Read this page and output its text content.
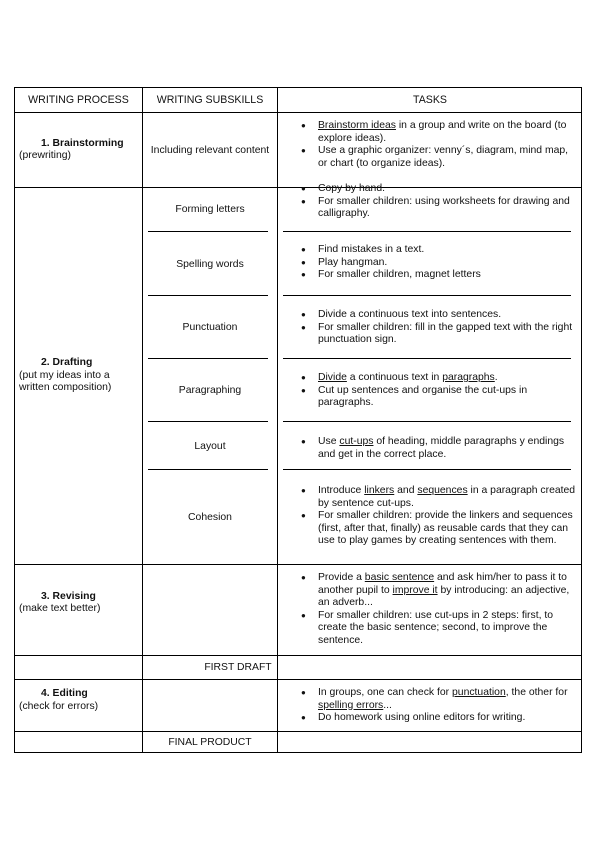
WRITING PROCESS	WRITING SUBSKILLS	TASKS
1. Brainstorming
(prewriting)	Including relevant content
● Brainstorm ideas in a group and write on the board (to explore ideas).
● Use a graphic organizer: venny´s, diagram, mind map, or chart (to organize ideas).
2. Drafting
(put my ideas into a written composition)
Forming letters
● Copy by hand.
● For smaller children: using worksheets for drawing and calligraphy.
Spelling words
● Find mistakes in a text.
● Play hangman.
● For smaller children, magnet letters
Punctuation
● Divide a continuous text into sentences.
● For smaller children: fill in the gapped text with the right punctuation sign.
Paragraphing
● Divide a continuous text in paragraphs.
● Cut up sentences and organise the cut-ups in paragraphs.
Layout
●	Use cut-ups of heading, middle paragraphs y endings and get in the correct place.
Cohesion
● Introduce linkers and sequences in a paragraph created by sentence cut-ups.
● For smaller children: provide the linkers and sequences (first, after that, finally) as reusable cards that they can use to play games by creating sentences with them.
3. Revising
(make text better)
● Provide a basic sentence and ask him/her to pass it to another pupil to improve it by introducing: an adjective, an adverb...
● For smaller children: use cut-ups in 2 steps: first, to create the basic sentence; second, to improve the sentence.
FIRST DRAFT
4. Editing
(check for errors)
● In groups, one can check for punctuation, the other for spelling errors...
● Do homework using online editors for writing.
FINAL PRODUCT
